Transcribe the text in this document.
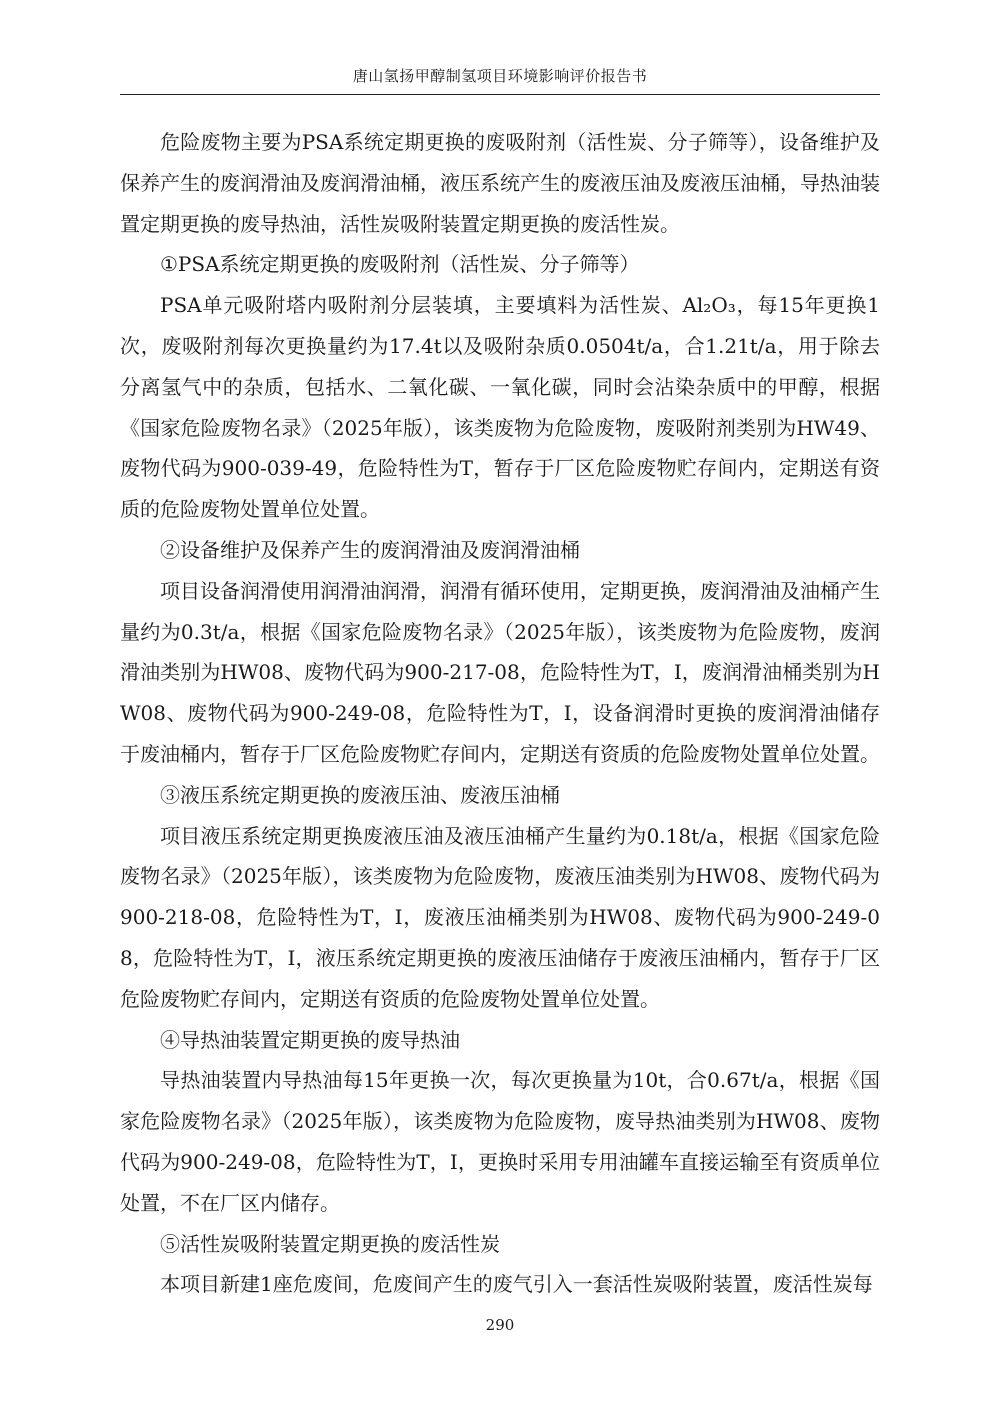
唐山氢扬甲醇制氢项目环境影响评价报告书

危险废物主要为PSA系统定期更换的废吸附剂（活性炭、分子筛等），设备维护及保养产生的废润滑油及废润滑油桶，液压系统产生的废液压油及废液压油桶，导热油装置定期更换的废导热油，活性炭吸附装置定期更换的废活性炭。

①PSA系统定期更换的废吸附剂（活性炭、分子筛等）

PSA单元吸附塔内吸附剂分层装填，主要填料为活性炭、Al₂O₃，每15年更换1次，废吸附剂每次更换量约为17.4t以及吸附杂质0.0504t/a，合1.21t/a，用于除去分离氢气中的杂质，包括水、二氧化碳、一氧化碳，同时会沾染杂质中的甲醇，根据《国家危险废物名录》（2025年版），该类废物为危险废物，废吸附剂类别为HW49、废物代码为900-039-49，危险特性为T，暂存于厂区危险废物贮存间内，定期送有资质的危险废物处置单位处置。

②设备维护及保养产生的废润滑油及废润滑油桶

项目设备润滑使用润滑油润滑，润滑有循环使用，定期更换，废润滑油及油桶产生量约为0.3t/a，根据《国家危险废物名录》（2025年版），该类废物为危险废物，废润滑油类别为HW08、废物代码为900-217-08，危险特性为T，I，废润滑油桶类别为HW08、废物代码为900-249-08，危险特性为T，I，设备润滑时更换的废润滑油储存于废油桶内，暂存于厂区危险废物贮存间内，定期送有资质的危险废物处置单位处置。

③液压系统定期更换的废液压油、废液压油桶

项目液压系统定期更换废液压油及液压油桶产生量约为0.18t/a，根据《国家危险废物名录》（2025年版），该类废物为危险废物，废液压油类别为HW08、废物代码为900-218-08，危险特性为T，I，废液压油桶类别为HW08、废物代码为900-249-08，危险特性为T，I，液压系统定期更换的废液压油储存于废液压油桶内，暂存于厂区危险废物贮存间内，定期送有资质的危险废物处置单位处置。

④导热油装置定期更换的废导热油

导热油装置内导热油每15年更换一次，每次更换量为10t，合0.67t/a，根据《国家危险废物名录》（2025年版），该类废物为危险废物，废导热油类别为HW08、废物代码为900-249-08，危险特性为T，I，更换时采用专用油罐车直接运输至有资质单位处置，不在厂区内储存。

⑤活性炭吸附装置定期更换的废活性炭

本项目新建1座危废间，危废间产生的废气引入一套活性炭吸附装置，废活性炭每

290
